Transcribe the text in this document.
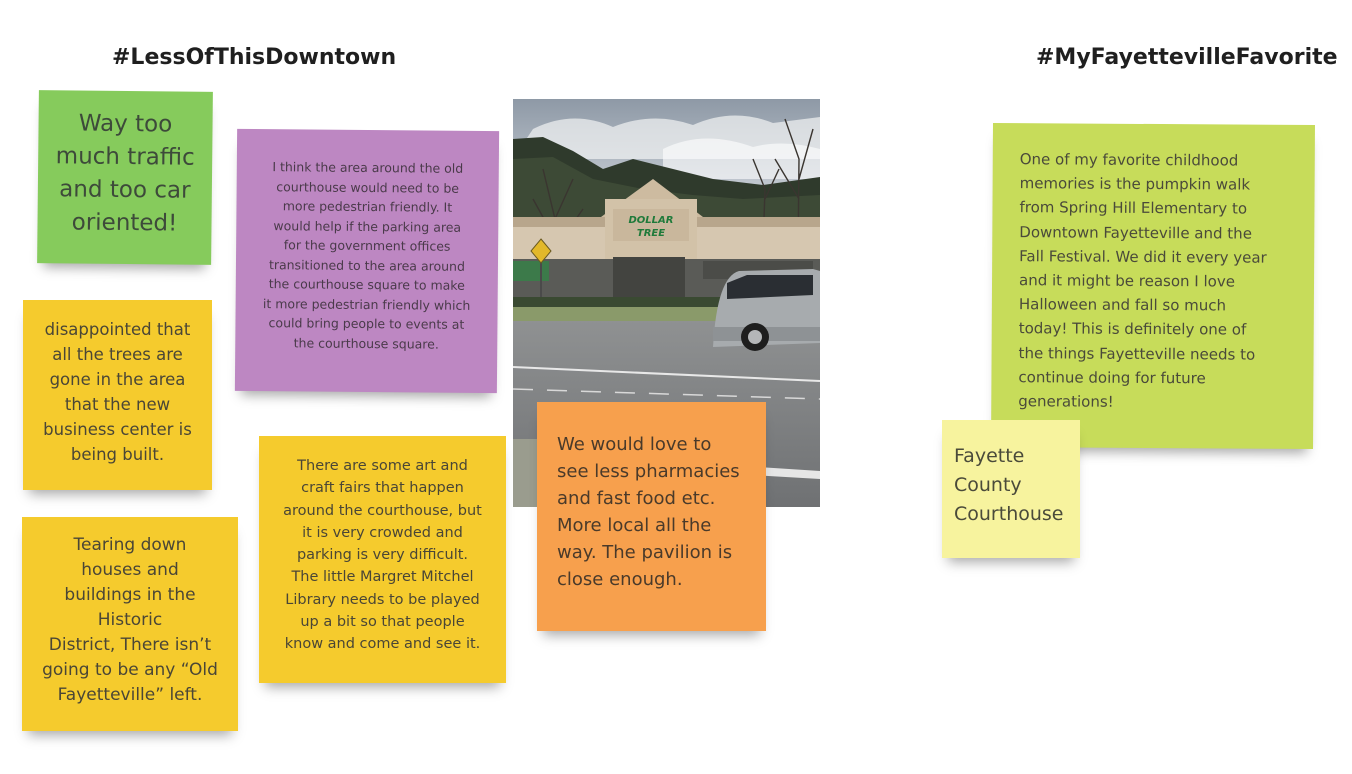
#LessOfThisDowntown	#MyFayettevilleFavorite
Way too
much traffic
and too car
oriented!
I think the area around the old
courthouse would need to be
more pedestrian friendly. It
would help if the parking area
for the government offices
transitioned to the area around
the courthouse square to make
it more pedestrian friendly which
could bring people to events at
the courthouse square.
disappointed that
all the trees are
gone in the area
that the new
business center is
being built.
There are some art and
craft fairs that happen
around the courthouse, but
it is very crowded and
parking is very difficult.
The little Margret Mitchel
Library needs to be played
up a bit so that people
know and come and see it.
Tearing down
houses and
buildings in the
Historic
District, There isn’t
going to be any “Old
Fayetteville” left.
DOLLAR
TREE
We would love to
see less pharmacies
and fast food etc.
More local all the
way. The pavilion is
close enough.
One of my favorite childhood
memories is the pumpkin walk
from Spring Hill Elementary to
Downtown Fayetteville and the
Fall Festival. We did it every year
and it might be reason I love
Halloween and fall so much
today! This is definitely one of
the things Fayetteville needs to
continue doing for future
generations!
Fayette
County
Courthouse
